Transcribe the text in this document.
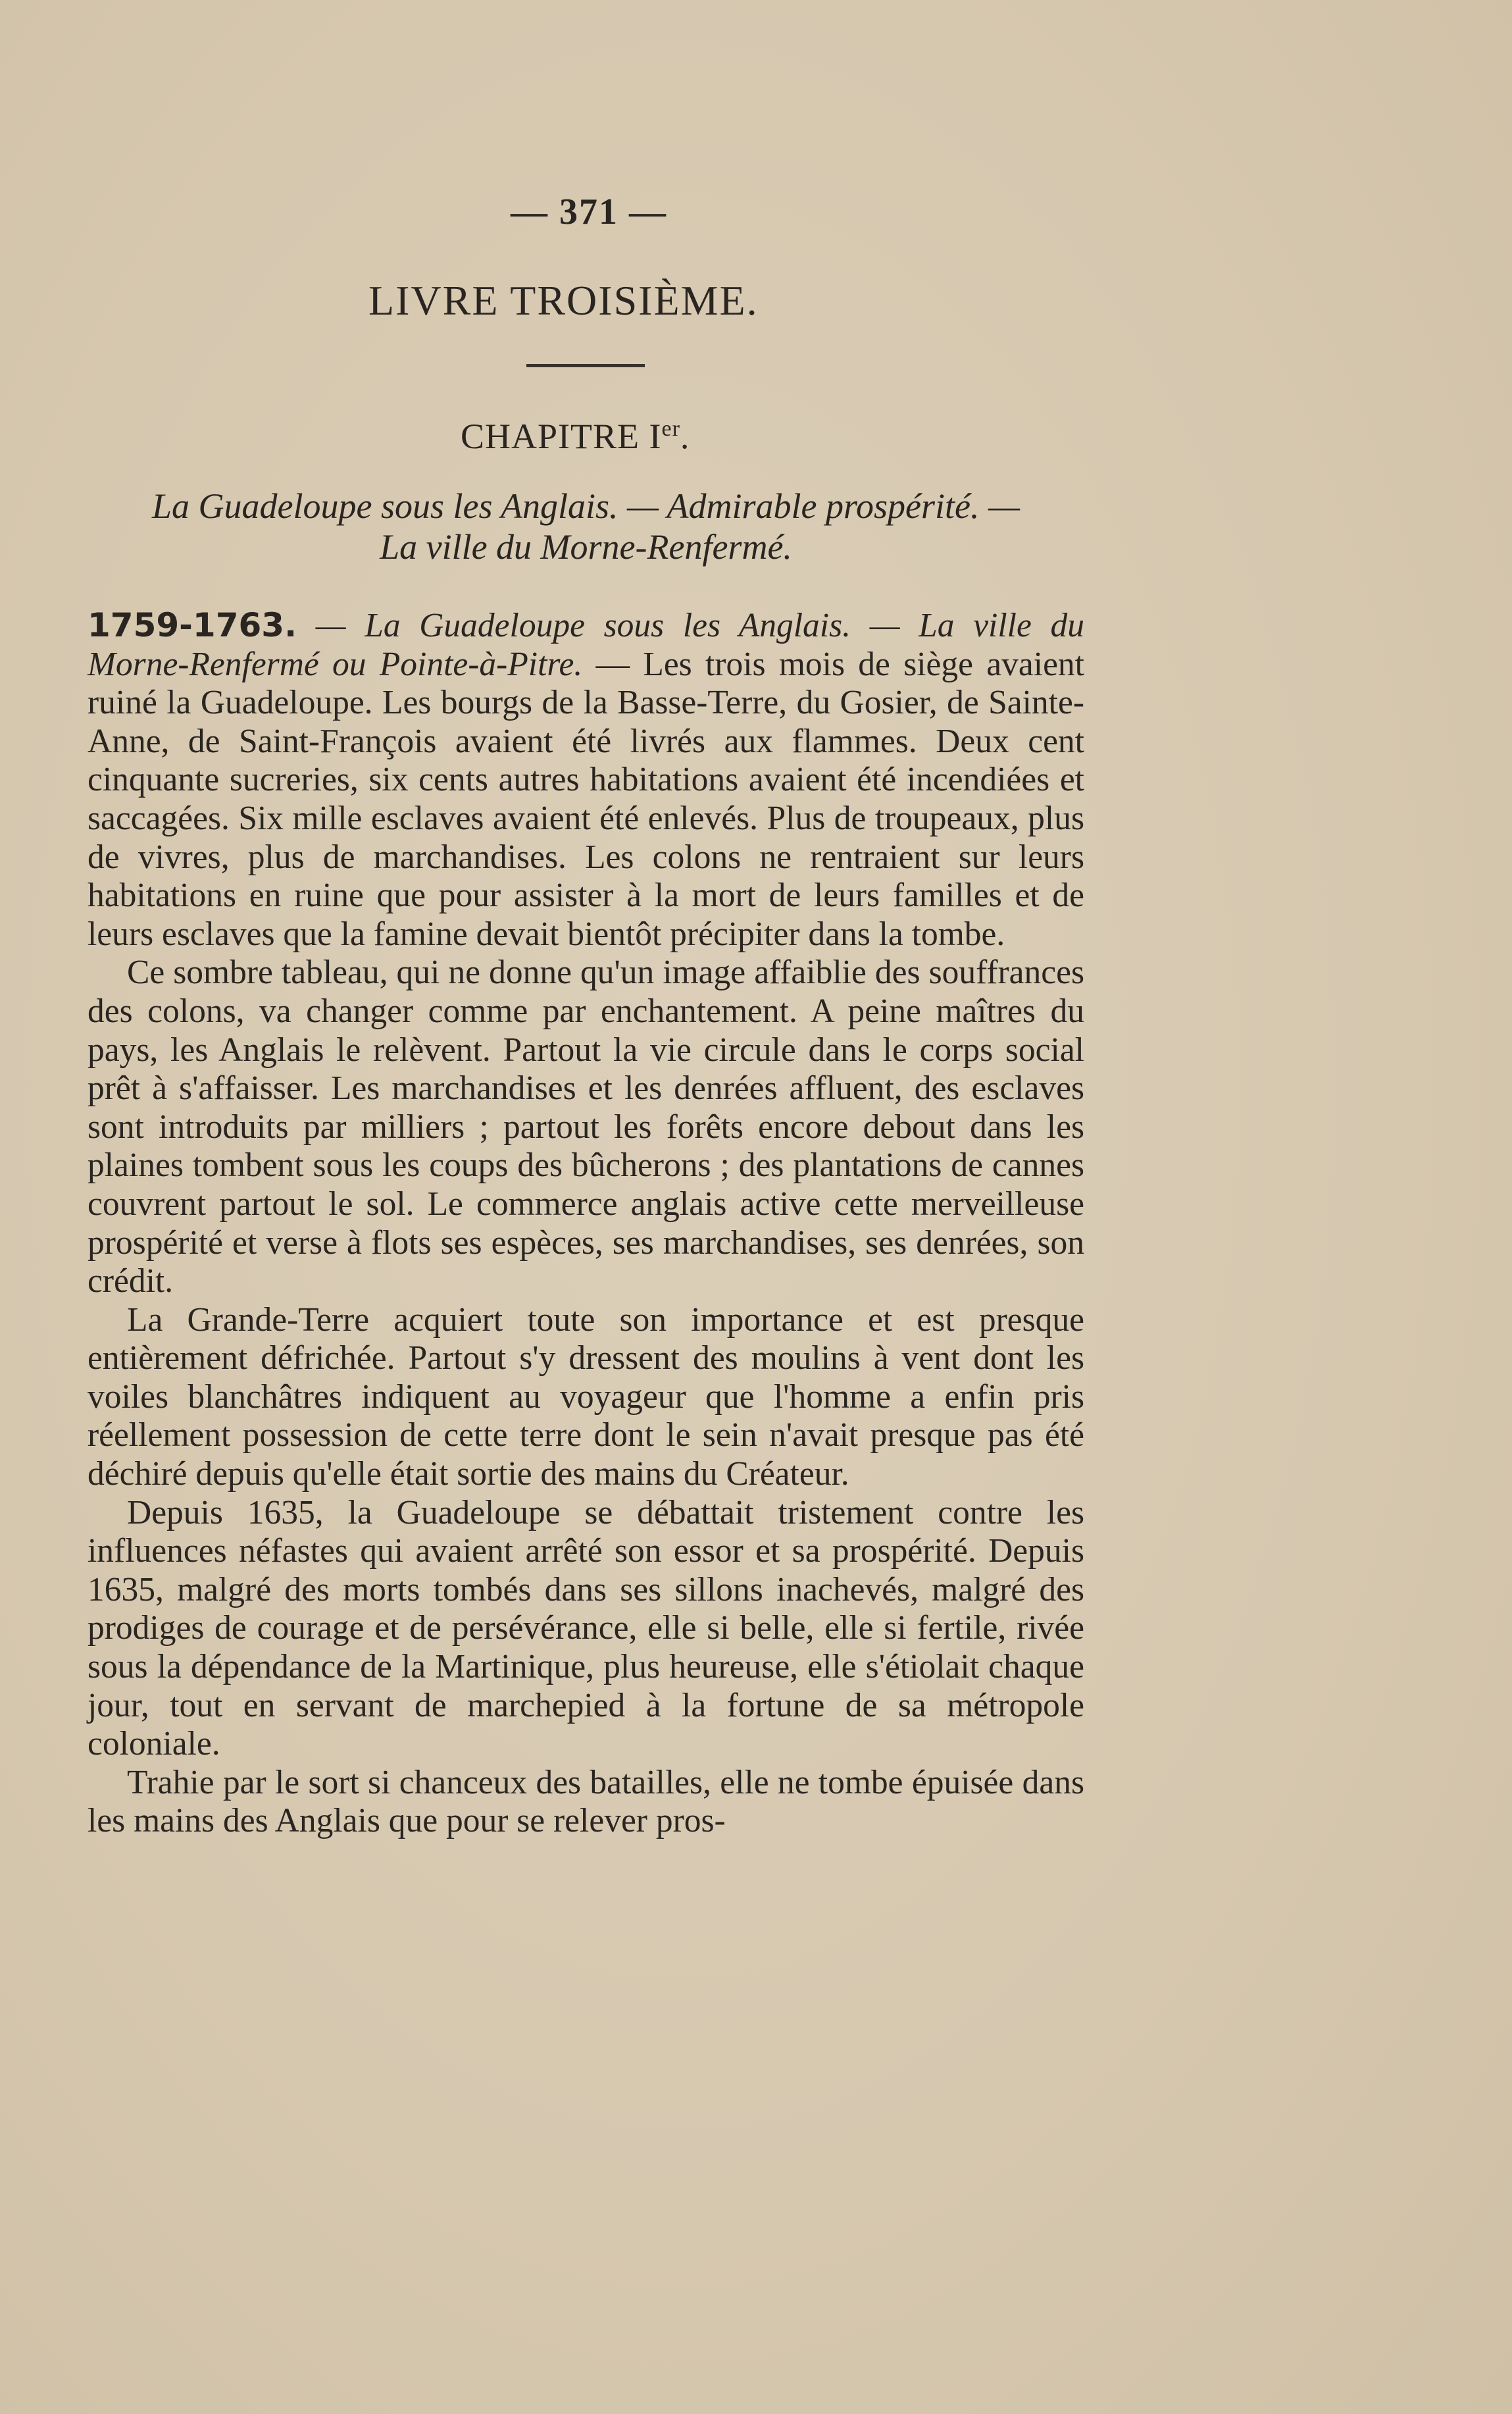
— 371 —
LIVRE TROISIÈME.
CHAPITRE Ier.
La Guadeloupe sous les Anglais. — Admirable prospérité. —
La ville du Morne-Renfermé.

1759-1763. — La Guadeloupe sous les Anglais. — La ville du Morne-Renfermé ou Pointe-à-Pitre. — Les trois mois de siège avaient ruiné la Guadeloupe. Les bourgs de la Basse-Terre, du Gosier, de Sainte-Anne, de Saint-François avaient été livrés aux flammes. Deux cent cinquante sucreries, six cents autres habitations avaient été incendiées et saccagées. Six mille esclaves avaient été enlevés. Plus de troupeaux, plus de vivres, plus de marchandises. Les colons ne rentraient sur leurs habitations en ruine que pour assister à la mort de leurs familles et de leurs esclaves que la famine devait bientôt précipiter dans la tombe.

Ce sombre tableau, qui ne donne qu'un image affaiblie des souffrances des colons, va changer comme par enchantement. A peine maîtres du pays, les Anglais le relèvent. Partout la vie circule dans le corps social prêt à s'affaisser. Les marchandises et les denrées affluent, des esclaves sont introduits par milliers ; partout les forêts encore debout dans les plaines tombent sous les coups des bûcherons ; des plantations de cannes couvrent partout le sol. Le commerce anglais active cette merveilleuse prospérité et verse à flots ses espèces, ses marchandises, ses denrées, son crédit.

La Grande-Terre acquiert toute son importance et est presque entièrement défrichée. Partout s'y dressent des moulins à vent dont les voiles blanchâtres indiquent au voyageur que l'homme a enfin pris réellement possession de cette terre dont le sein n'avait presque pas été déchiré depuis qu'elle était sortie des mains du Créateur.

Depuis 1635, la Guadeloupe se débattait tristement contre les influences néfastes qui avaient arrêté son essor et sa prospérité. Depuis 1635, malgré des morts tombés dans ses sillons inachevés, malgré des prodiges de courage et de persévérance, elle si belle, elle si fertile, rivée sous la dépendance de la Martinique, plus heureuse, elle s'étiolait chaque jour, tout en servant de marchepied à la fortune de sa métropole coloniale.

Trahie par le sort si chanceux des batailles, elle ne tombe épuisée dans les mains des Anglais que pour se relever pros-
